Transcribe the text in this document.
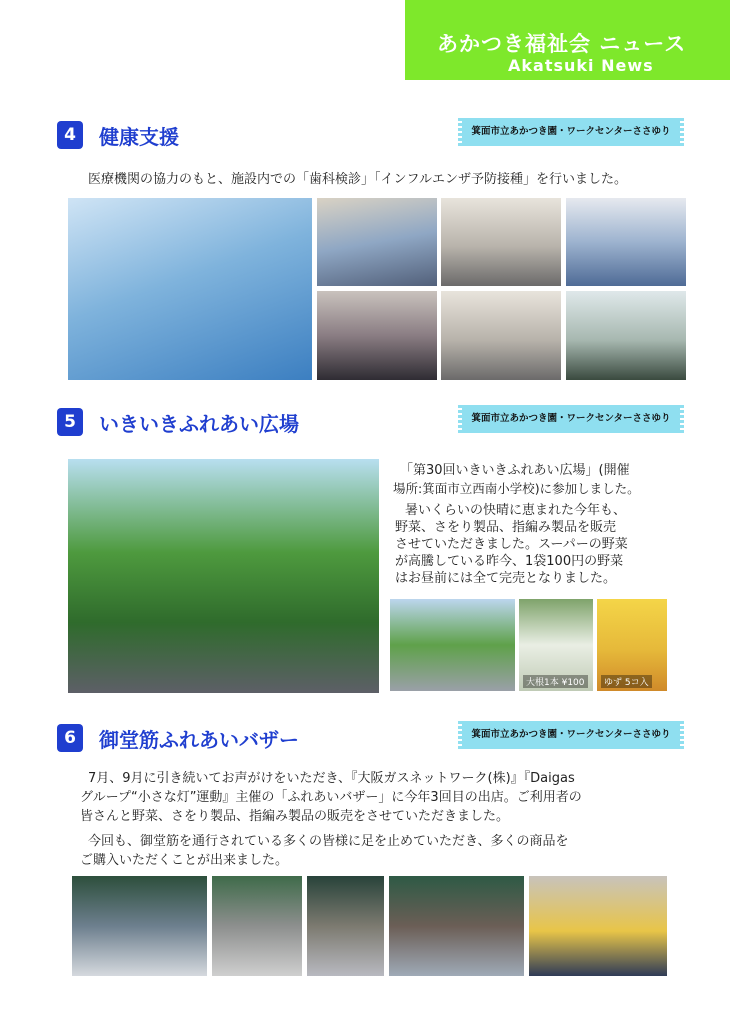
あかつき福祉会 ニュース
Akatsuki News
4	健康支援	箕面市立あかつき園・ワークセンターささゆり
医療機関の協力のもと、施設内での「歯科検診」「インフルエンザ予防接種」を行いました。
5	いきいきふれあい広場	箕面市立あかつき園・ワークセンターささゆり
「第30回いきいきふれあい広場」(開催
場所:箕面市立西南小学校)に参加しました。
暑いくらいの快晴に恵まれた今年も、
野菜、さをり製品、指編み製品を販売
させていただきました。スーパーの野菜
が高騰している昨今、1袋100円の野菜
はお昼前には全て完売となりました。
大根1本 ¥100	ゆず 5コ入
6	御堂筋ふれあいバザー	箕面市立あかつき園・ワークセンターささゆり
7月、9月に引き続いてお声がけをいただき、『大阪ガスネットワーク(株)』『Daigas
グループ“小さな灯”運動』主催の「ふれあいバザー」に今年3回目の出店。ご利用者の
皆さんと野菜、さをり製品、指編み製品の販売をさせていただきました。
今回も、御堂筋を通行されている多くの皆様に足を止めていただき、多くの商品を
ご購入いただくことが出来ました。
